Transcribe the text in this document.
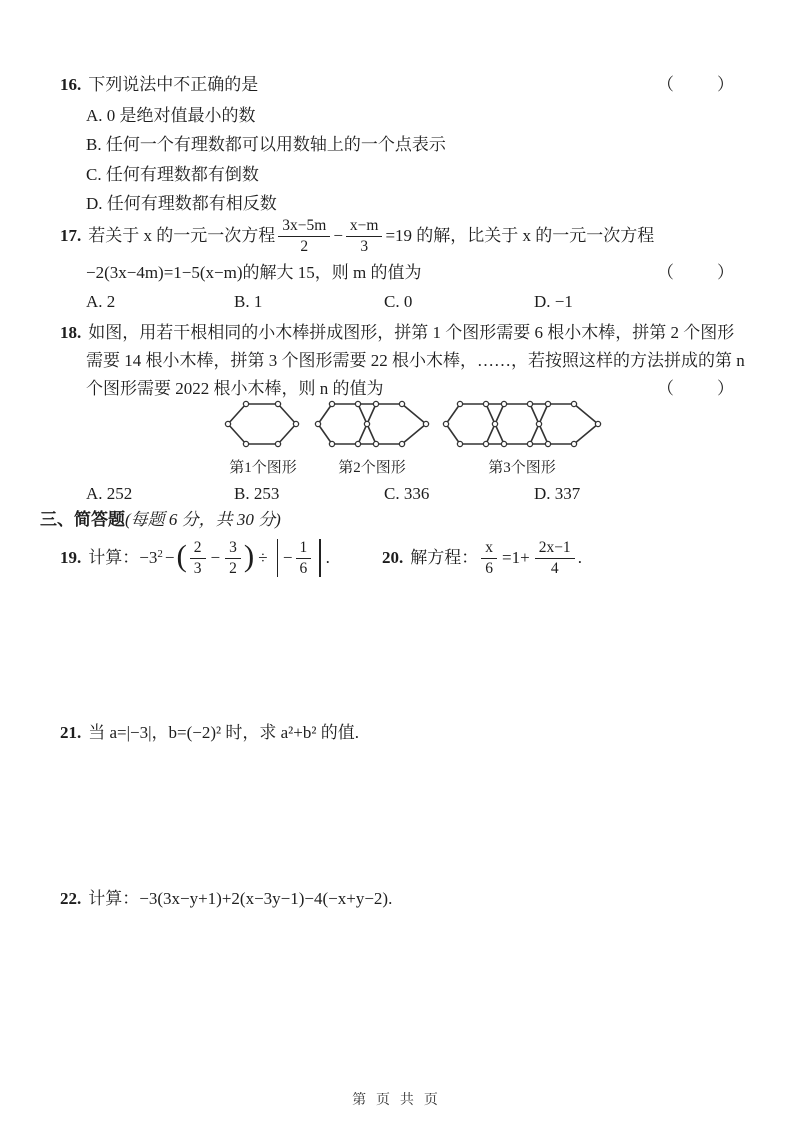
16. 下列说法中不正确的是	（　　）
A. 0 是绝对值最小的数
B. 任何一个有理数都可以用数轴上的一个点表示
C. 任何有理数都有倒数
D. 任何有理数都有相反数
17. 若关于 x 的一元一次方程 $\frac{3x-5m}{2} - \frac{x-m}{3} =19$ 的解，比关于 x 的一元一次方程
−2(3x−4m)=1−5(x−m)的解大 15，则 m 的值为	（　　）
A. 2	B. 1	C. 0	D. −1
18. 如图，用若干根相同的小木棒拼成图形，拼第 1 个图形需要 6 根小木棒，拼第 2 个图形
需要 14 根小木棒，拼第 3 个图形需要 22 根小木棒，……，若按照这样的方法拼成的第 n
个图形需要 2022 根小木棒，则 n 的值为	（　　）
第1个图形	第2个图形	第3个图形
A. 252	B. 253	C. 336	D. 337
三、简答题(每题 6 分，共 30 分)
19. 计算： $-3^2$ − ( $\frac{2}{3} - \frac{3}{2}$ ) ÷ − $\frac{1}{6}$ .	20. 解方程： $\frac{x}{6} =1+ \frac{2x-1}{4}$ .
21. 当 a=|−3|，b=(−2)² 时，求 a²+b² 的值.
22. 计算：−3(3x−y+1)+2(x−3y−1)−4(−x+y−2).
第 页 共 页
